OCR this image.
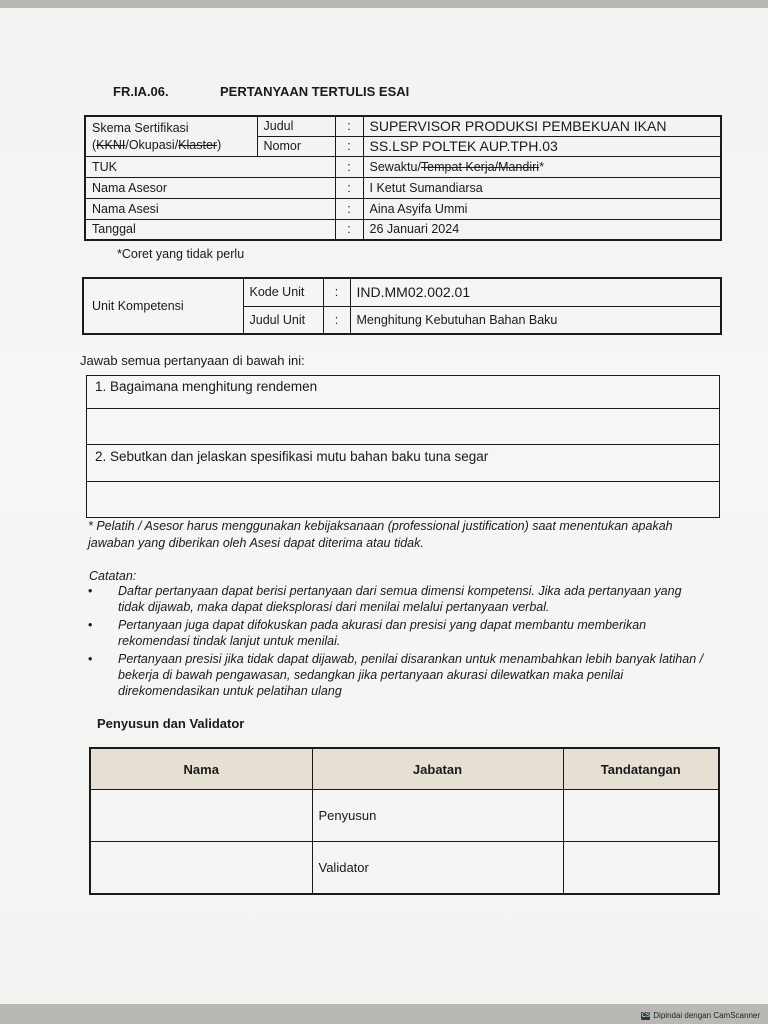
FR.IA.06.	PERTANYAAN TERTULIS ESAI
Skema Sertifikasi
(KKNI/Okupasi/Klaster)	Judul	:	SUPERVISOR PRODUKSI PEMBEKUAN IKAN
	Nomor	:	SS.LSP POLTEK AUP.TPH.03
TUK		:	Sewaktu/Tempat Kerja/Mandiri*
Nama Asesor		:	I Ketut Sumandiarsa
Nama Asesi		:	Aina Asyifa Ummi
Tanggal		:	26 Januari 2024
*Coret yang tidak perlu
Unit Kompetensi	Kode Unit	:	IND.MM02.002.01
	Judul Unit	:	Menghitung Kebutuhan Bahan Baku
Jawab semua pertanyaan di bawah ini:
1. Bagaimana menghitung rendemen

2. Sebutkan dan jelaskan spesifikasi mutu bahan baku tuna segar

* Pelatih / Asesor harus menggunakan kebijaksanaan (professional justification) saat menentukan apakah jawaban yang diberikan oleh Asesi dapat diterima atau tidak.
Catatan:
• Daftar pertanyaan dapat berisi pertanyaan dari semua dimensi kompetensi. Jika ada pertanyaan yang tidak dijawab, maka dapat dieksplorasi dari menilai melalui pertanyaan verbal.
• Pertanyaan juga dapat difokuskan pada akurasi dan presisi yang dapat membantu memberikan rekomendasi tindak lanjut untuk menilai.
• Pertanyaan presisi jika tidak dapat dijawab, penilai disarankan untuk menambahkan lebih banyak latihan / bekerja di bawah pengawasan, sedangkan jika pertanyaan akurasi dilewatkan maka penilai direkomendasikan untuk pelatihan ulang
Penyusun dan Validator
Nama	Jabatan	Tandatangan
	Penyusun	
	Validator	
CS Dipindai dengan CamScanner
